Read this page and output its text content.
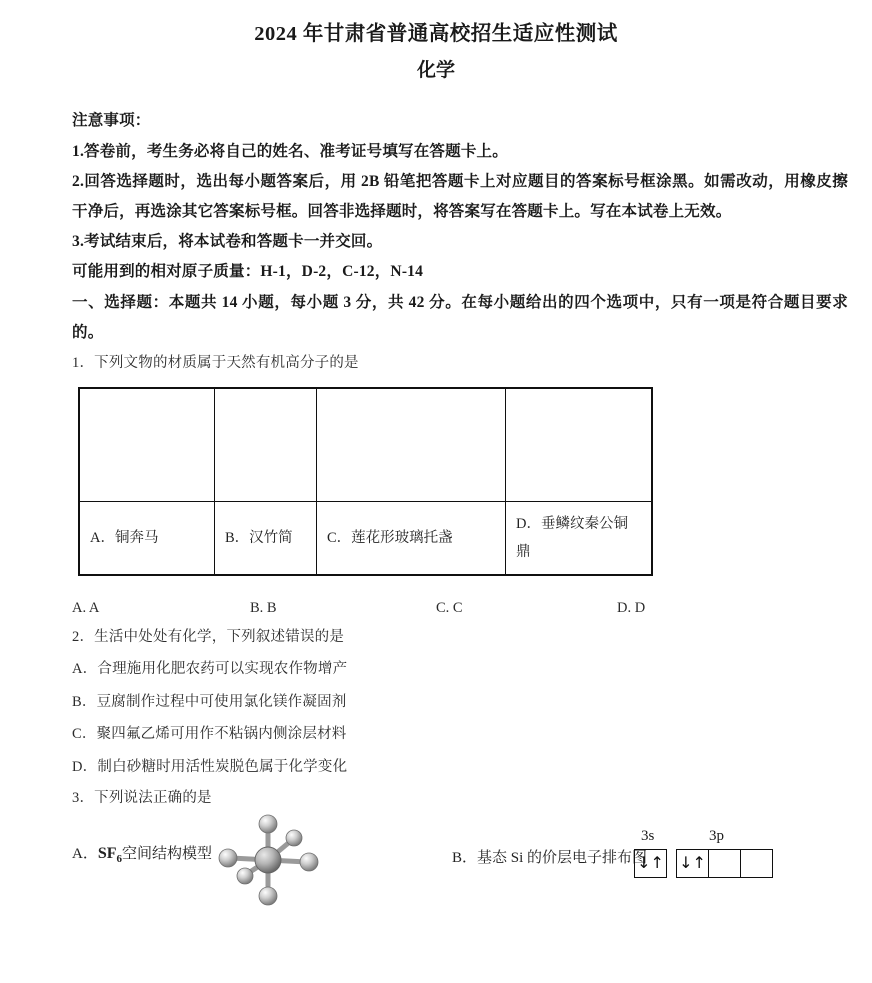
2024 年甘肃省普通高校招生适应性测试
化学
注意事项：
1.答卷前，考生务必将自己的姓名、准考证号填写在答题卡上。
2.回答选择题时，选出每小题答案后，用 2B 铅笔把答题卡上对应题目的答案标号框涂黑。如需改动，用橡皮擦干净后，再选涂其它答案标号框。回答非选择题时，将答案写在答题卡上。写在本试卷上无效。
3.考试结束后，将本试卷和答题卡一并交回。
可能用到的相对原子质量：H-1，D-2，C-12，N-14
一、选择题：本题共 14 小题，每小题 3 分，共 42 分。在每小题给出的四个选项中，只有一项是符合题目要求的。
1．下列文物的材质属于天然有机高分子的是

A．铜奔马	B．汉竹简	C．莲花形玻璃托盏	D．垂鳞纹秦公铜鼎
A. A	B. B	C. C	D. D
2．生活中处处有化学，下列叙述错误的是
A．合理施用化肥农药可以实现农作物增产
B．豆腐制作过程中可使用氯化镁作凝固剂
C．聚四氟乙烯可用作不粘锅内侧涂层材料
D．制白砂糖时用活性炭脱色属于化学变化
3．下列说法正确的是
A．$SF_6$空间结构模型	B．基态 Si 的价层电子排布图
3s	3p
↓↑ ↓↑
